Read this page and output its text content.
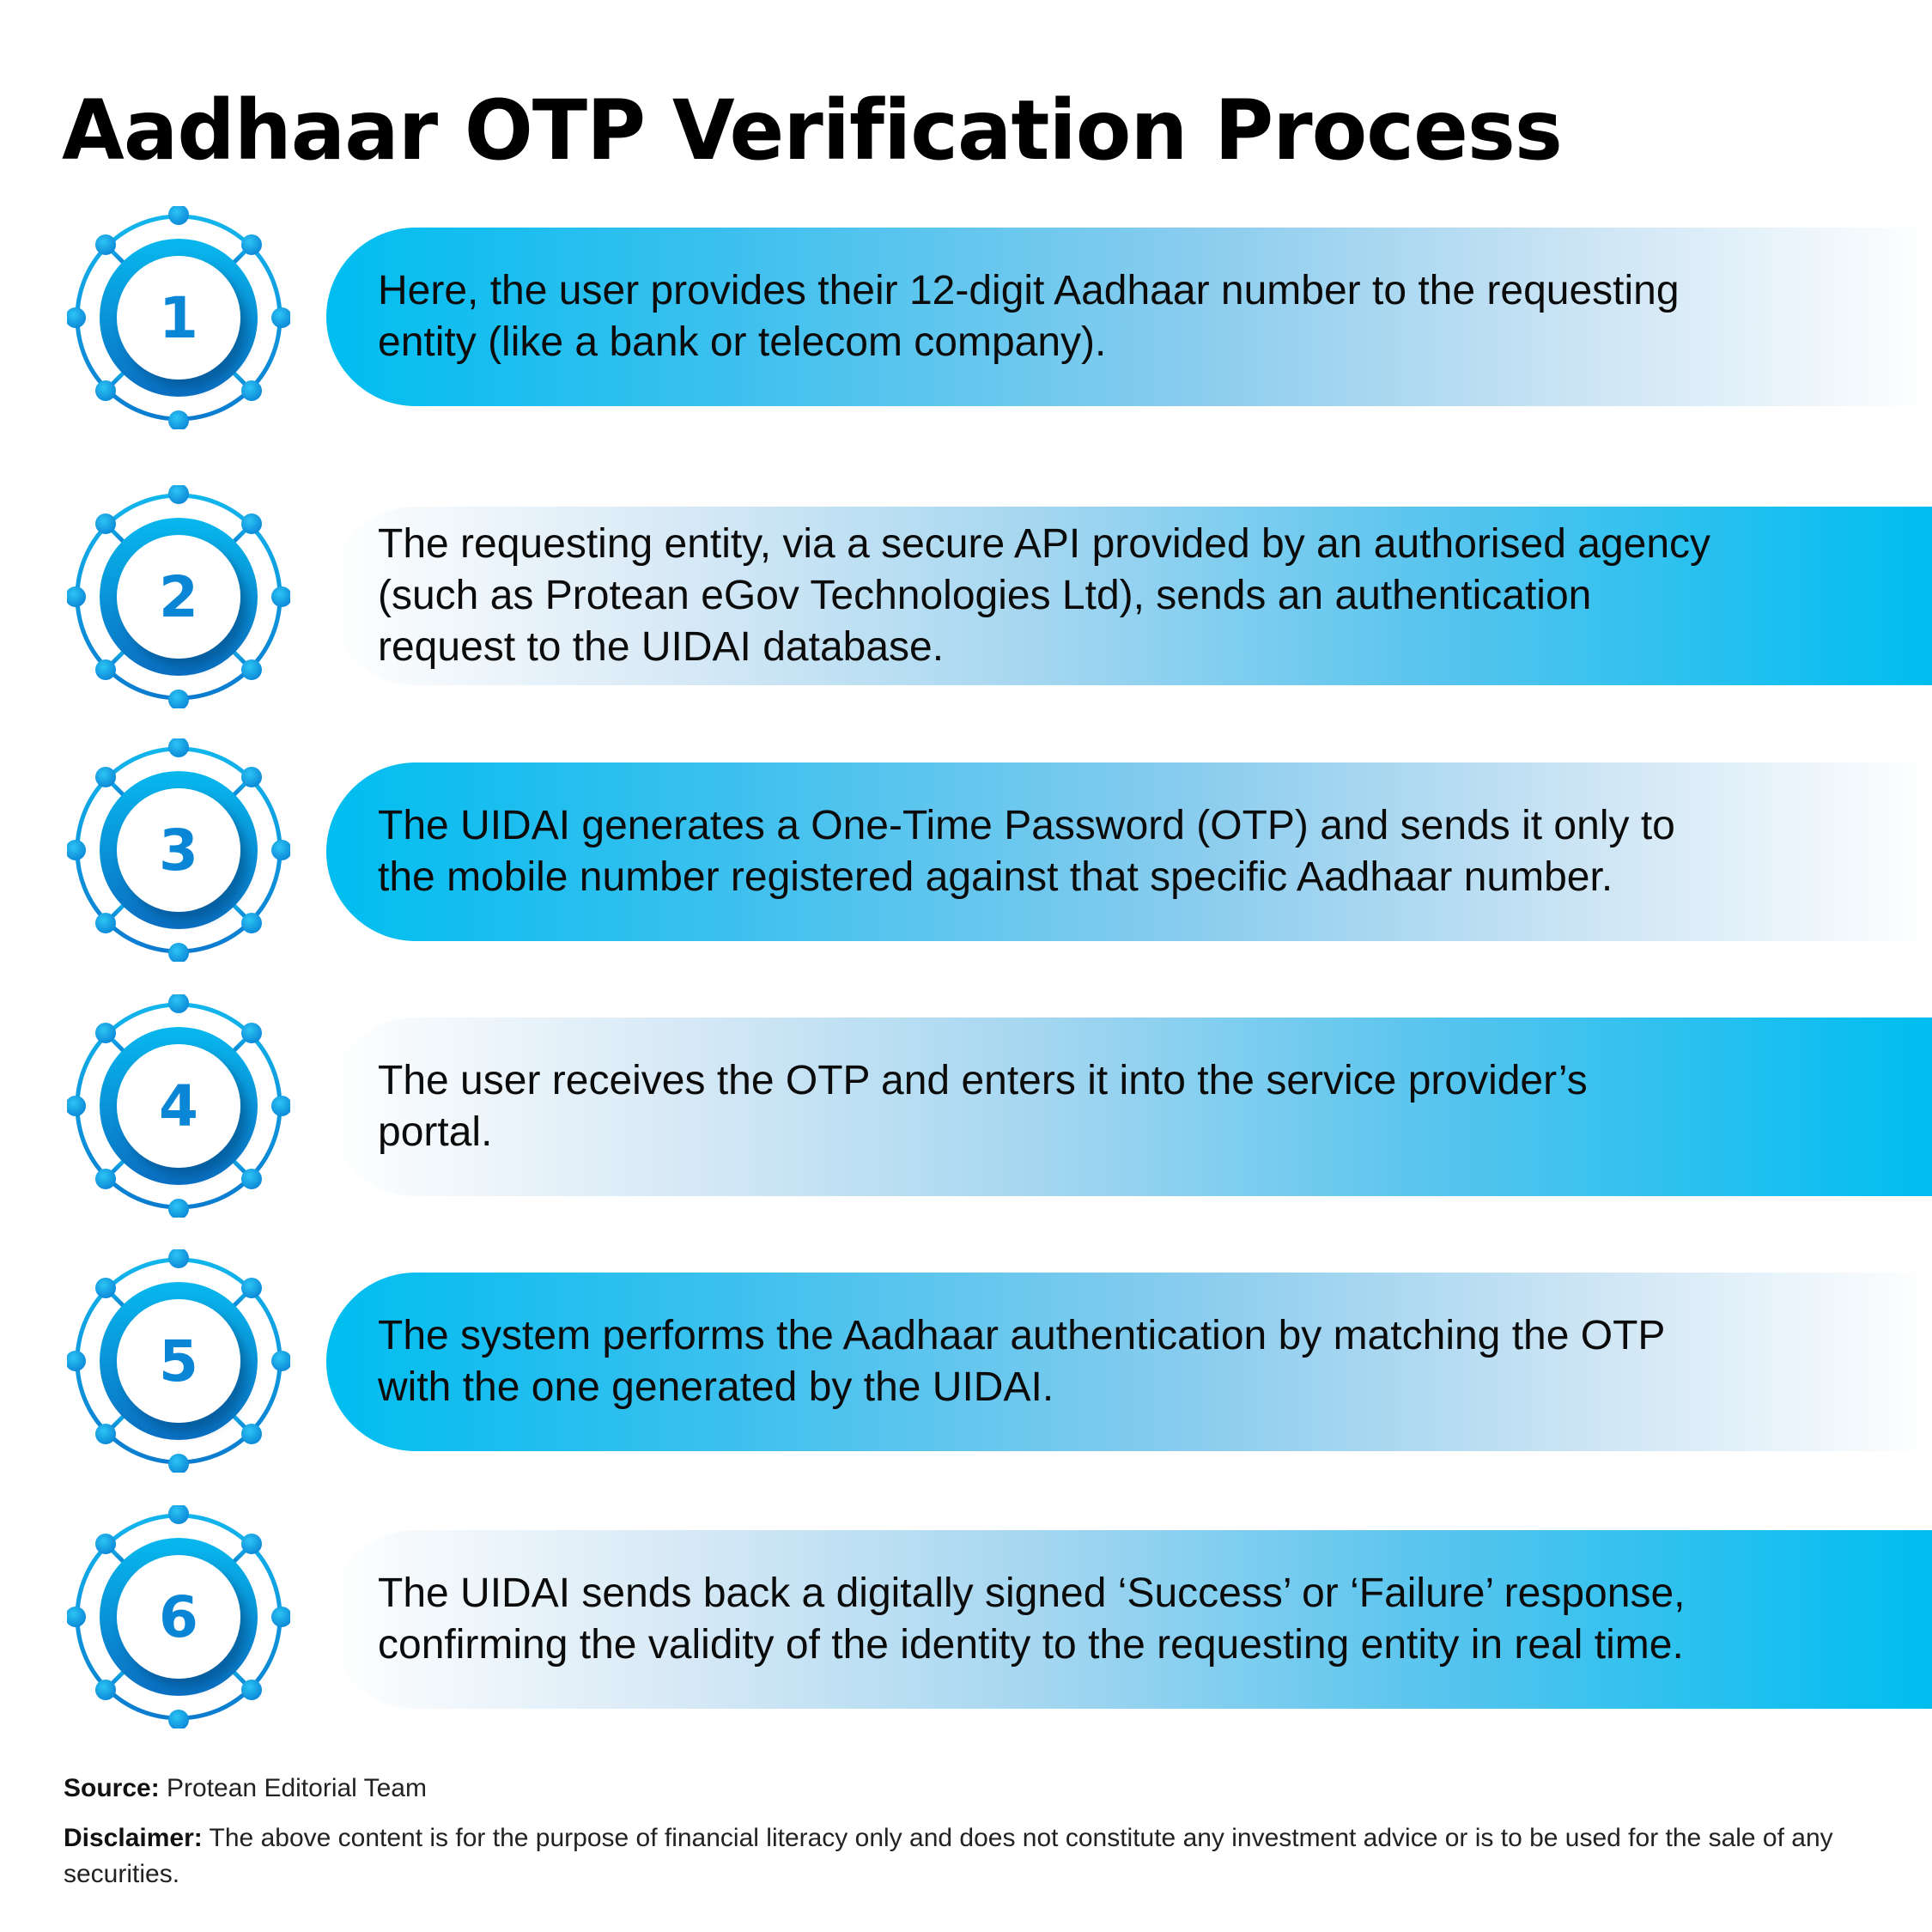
Aadhaar OTP Verification Process
Here, the user provides their 12-digit Aadhaar number to the requesting
entity (like a bank or telecom company).
1
The requesting entity, via a secure API provided by an authorised agency
(such as Protean eGov Technologies Ltd), sends an authentication
request to the UIDAI database.
2
The UIDAI generates a One-Time Password (OTP) and sends it only to
the mobile number registered against that specific Aadhaar number.
3
The user receives the OTP and enters it into the service provider’s
portal.
4
The system performs the Aadhaar authentication by matching the OTP
with the one generated by the UIDAI.
5
The UIDAI sends back a digitally signed ‘Success’ or ‘Failure’ response,
confirming the validity of the identity to the requesting entity in real time.
6
Source: Protean Editorial Team
Disclaimer: The above content is for the purpose of financial literacy only and does not constitute any investment advice or is to be used for the sale of any securities.
